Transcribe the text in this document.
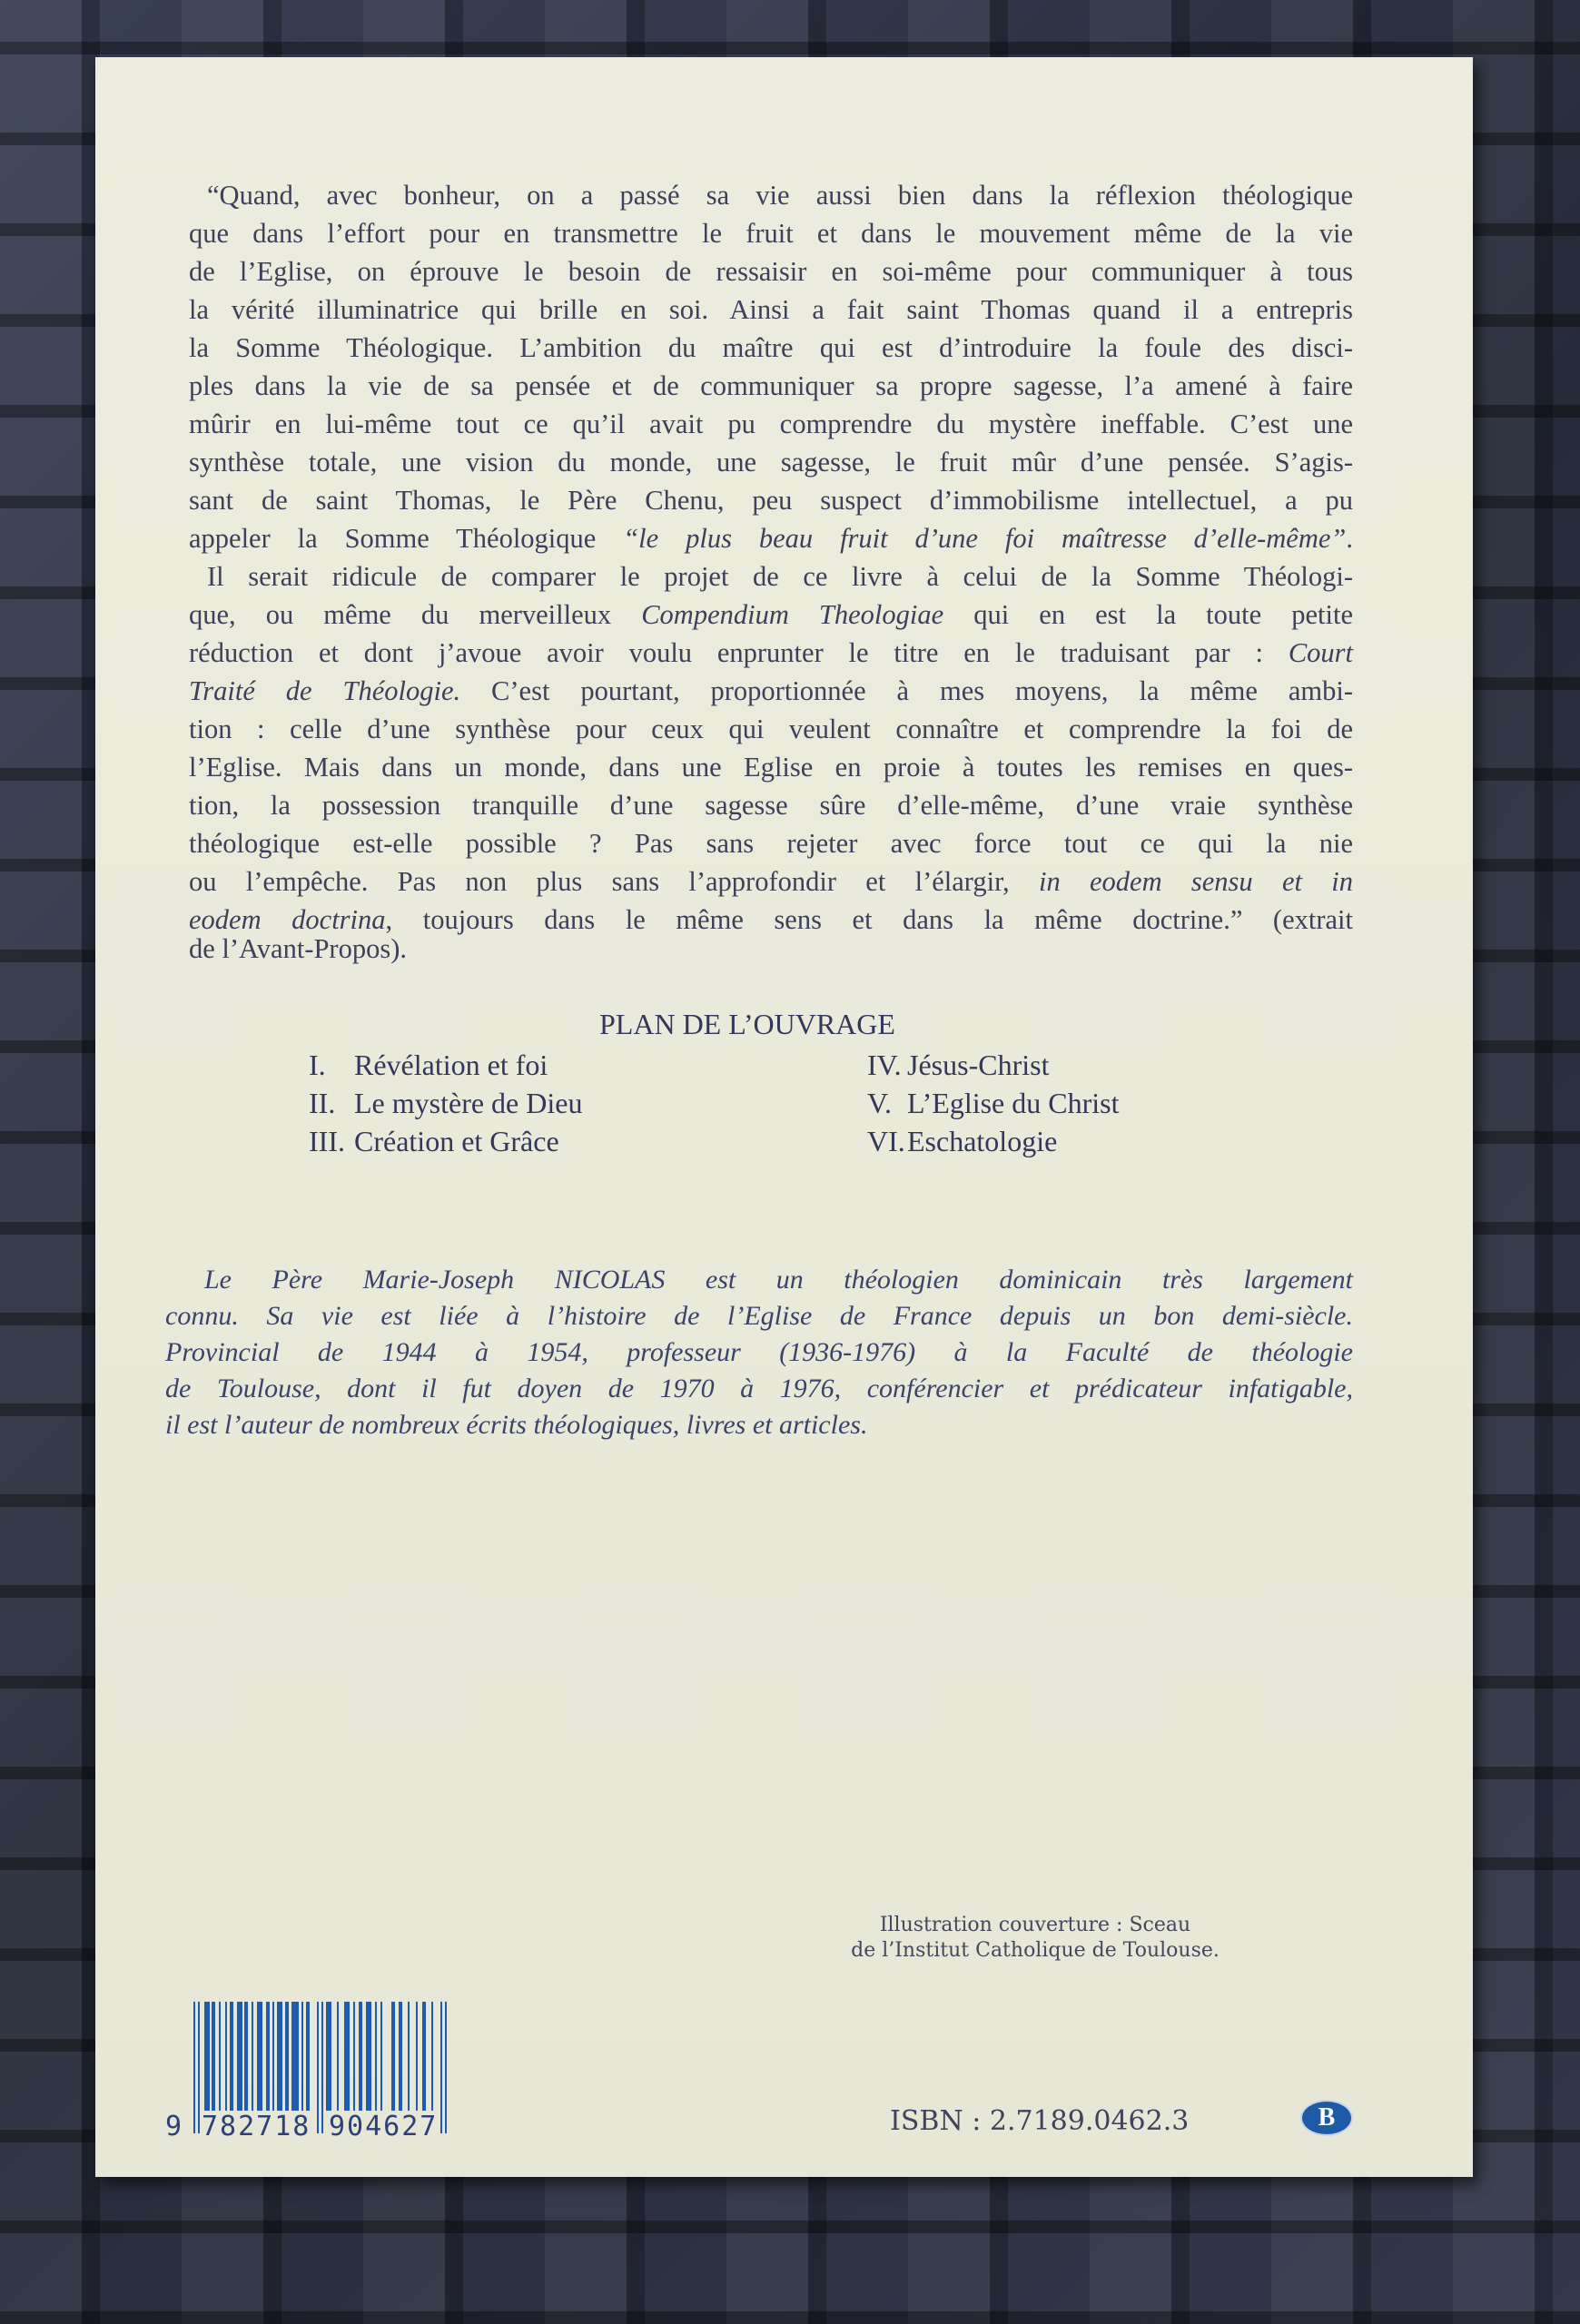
“Quand, avec bonheur, on a passé sa vie aussi bien dans la réflexion théologique
que dans l’effort pour en transmettre le fruit et dans le mouvement même de la vie
de l’Eglise, on éprouve le besoin de ressaisir en soi-même pour communiquer à tous
la vérité illuminatrice qui brille en soi. Ainsi a fait saint Thomas quand il a entrepris
la Somme Théologique. L’ambition du maître qui est d’introduire la foule des disci-
ples dans la vie de sa pensée et de communiquer sa propre sagesse, l’a amené à faire
mûrir en lui-même tout ce qu’il avait pu comprendre du mystère ineffable. C’est une
synthèse totale, une vision du monde, une sagesse, le fruit mûr d’une pensée. S’agis-
sant de saint Thomas, le Père Chenu, peu suspect d’immobilisme intellectuel, a pu
appeler la Somme Théologique “le plus beau fruit d’une foi maîtresse d’elle-même”.
Il serait ridicule de comparer le projet de ce livre à celui de la Somme Théologi-
que, ou même du merveilleux Compendium Theologiae qui en est la toute petite
réduction et dont j’avoue avoir voulu enprunter le titre en le traduisant par : Court
Traité de Théologie. C’est pourtant, proportionnée à mes moyens, la même ambi-
tion : celle d’une synthèse pour ceux qui veulent connaître et comprendre la foi de
l’Eglise. Mais dans un monde, dans une Eglise en proie à toutes les remises en ques-
tion, la possession tranquille d’une sagesse sûre d’elle-même, d’une vraie synthèse
théologique est-elle possible ? Pas sans rejeter avec force tout ce qui la nie
ou l’empêche. Pas non plus sans l’approfondir et l’élargir, in eodem sensu et in
eodem doctrina, toujours dans le même sens et dans la même doctrine.” (extrait
de l’Avant-Propos).
PLAN DE L’OUVRAGE
I. Révélation et foi
II. Le mystère de Dieu
III. Création et Grâce
IV. Jésus-Christ
V. L’Eglise du Christ
VI.Eschatologie
Le Père Marie-Joseph NICOLAS est un théologien dominicain très largement
connu. Sa vie est liée à l’histoire de l’Eglise de France depuis un bon demi-siècle.
Provincial de 1944 à 1954, professeur (1936-1976) à la Faculté de théologie
de Toulouse, dont il fut doyen de 1970 à 1976, conférencier et prédicateur infatigable,
il est l’auteur de nombreux écrits théologiques, livres et articles.
Illustration couverture : Sceau
de l’Institut Catholique de Toulouse.
9 782718 904627	ISBN : 2.7189.0462.3	B
